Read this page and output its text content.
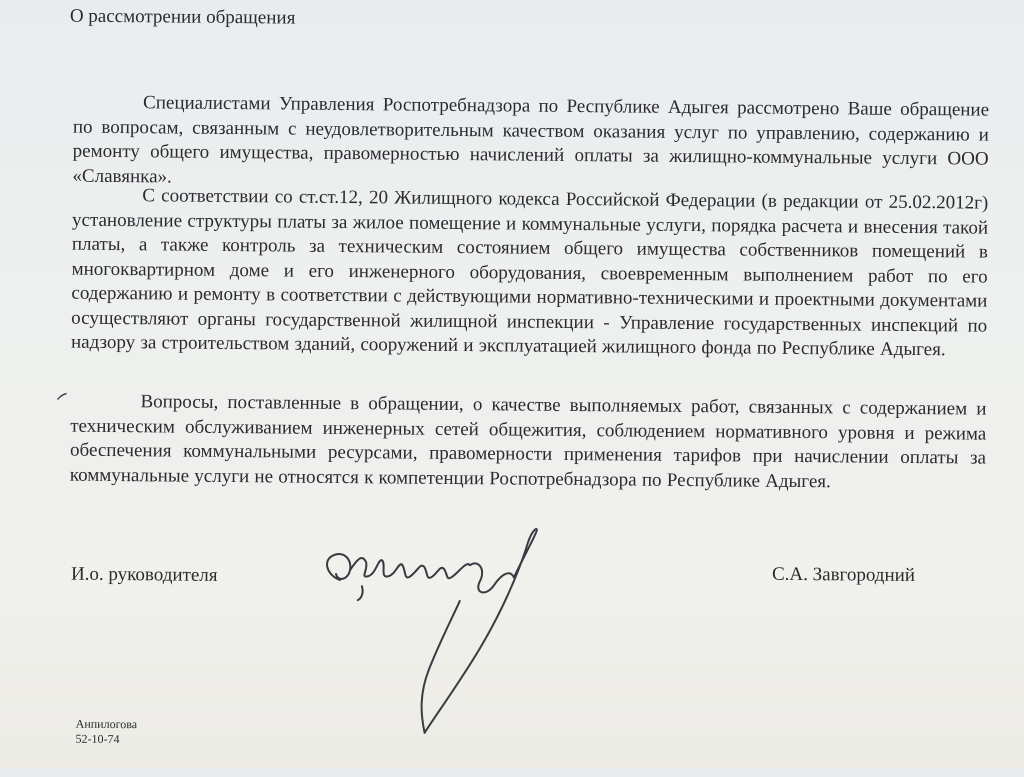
О рассмотрении обращения

Специалистами Управления Роспотребнадзора по Республике Адыгея рассмотрено Ваше обращение по вопросам, связанным с неудовлетворительным качеством оказания услуг по управлению, содержанию и ремонту общего имущества, правомерностью начислений оплаты за жилищно-коммунальные услуги ООО «Славянка».

С соответствии со ст.ст.12, 20 Жилищного кодекса Российской Федерации (в редакции от 25.02.2012г) установление структуры платы за жилое помещение и коммунальные услуги, порядка расчета и внесения такой платы, а также контроль за техническим состоянием общего имущества собственников помещений в многоквартирном доме и его инженерного оборудования, своевременным выполнением работ по его содержанию и ремонту в соответствии с действующими нормативно-техническими и проектными документами осуществляют органы государственной жилищной инспекции - Управление государственных инспекций по надзору за строительством зданий, сооружений и эксплуатацией жилищного фонда по Республике Адыгея.

Вопросы, поставленные в обращении, о качестве выполняемых работ, связанных с содержанием и техническим обслуживанием инженерных сетей общежития, соблюдением нормативного уровня и режима обеспечения коммунальными ресурсами, правомерности применения тарифов при начислении оплаты за коммунальные услуги не относятся к компетенции Роспотребнадзора по Республике Адыгея.

И.о. руководителя	С.А. Завгородний
Анпилогова
52-10-74
